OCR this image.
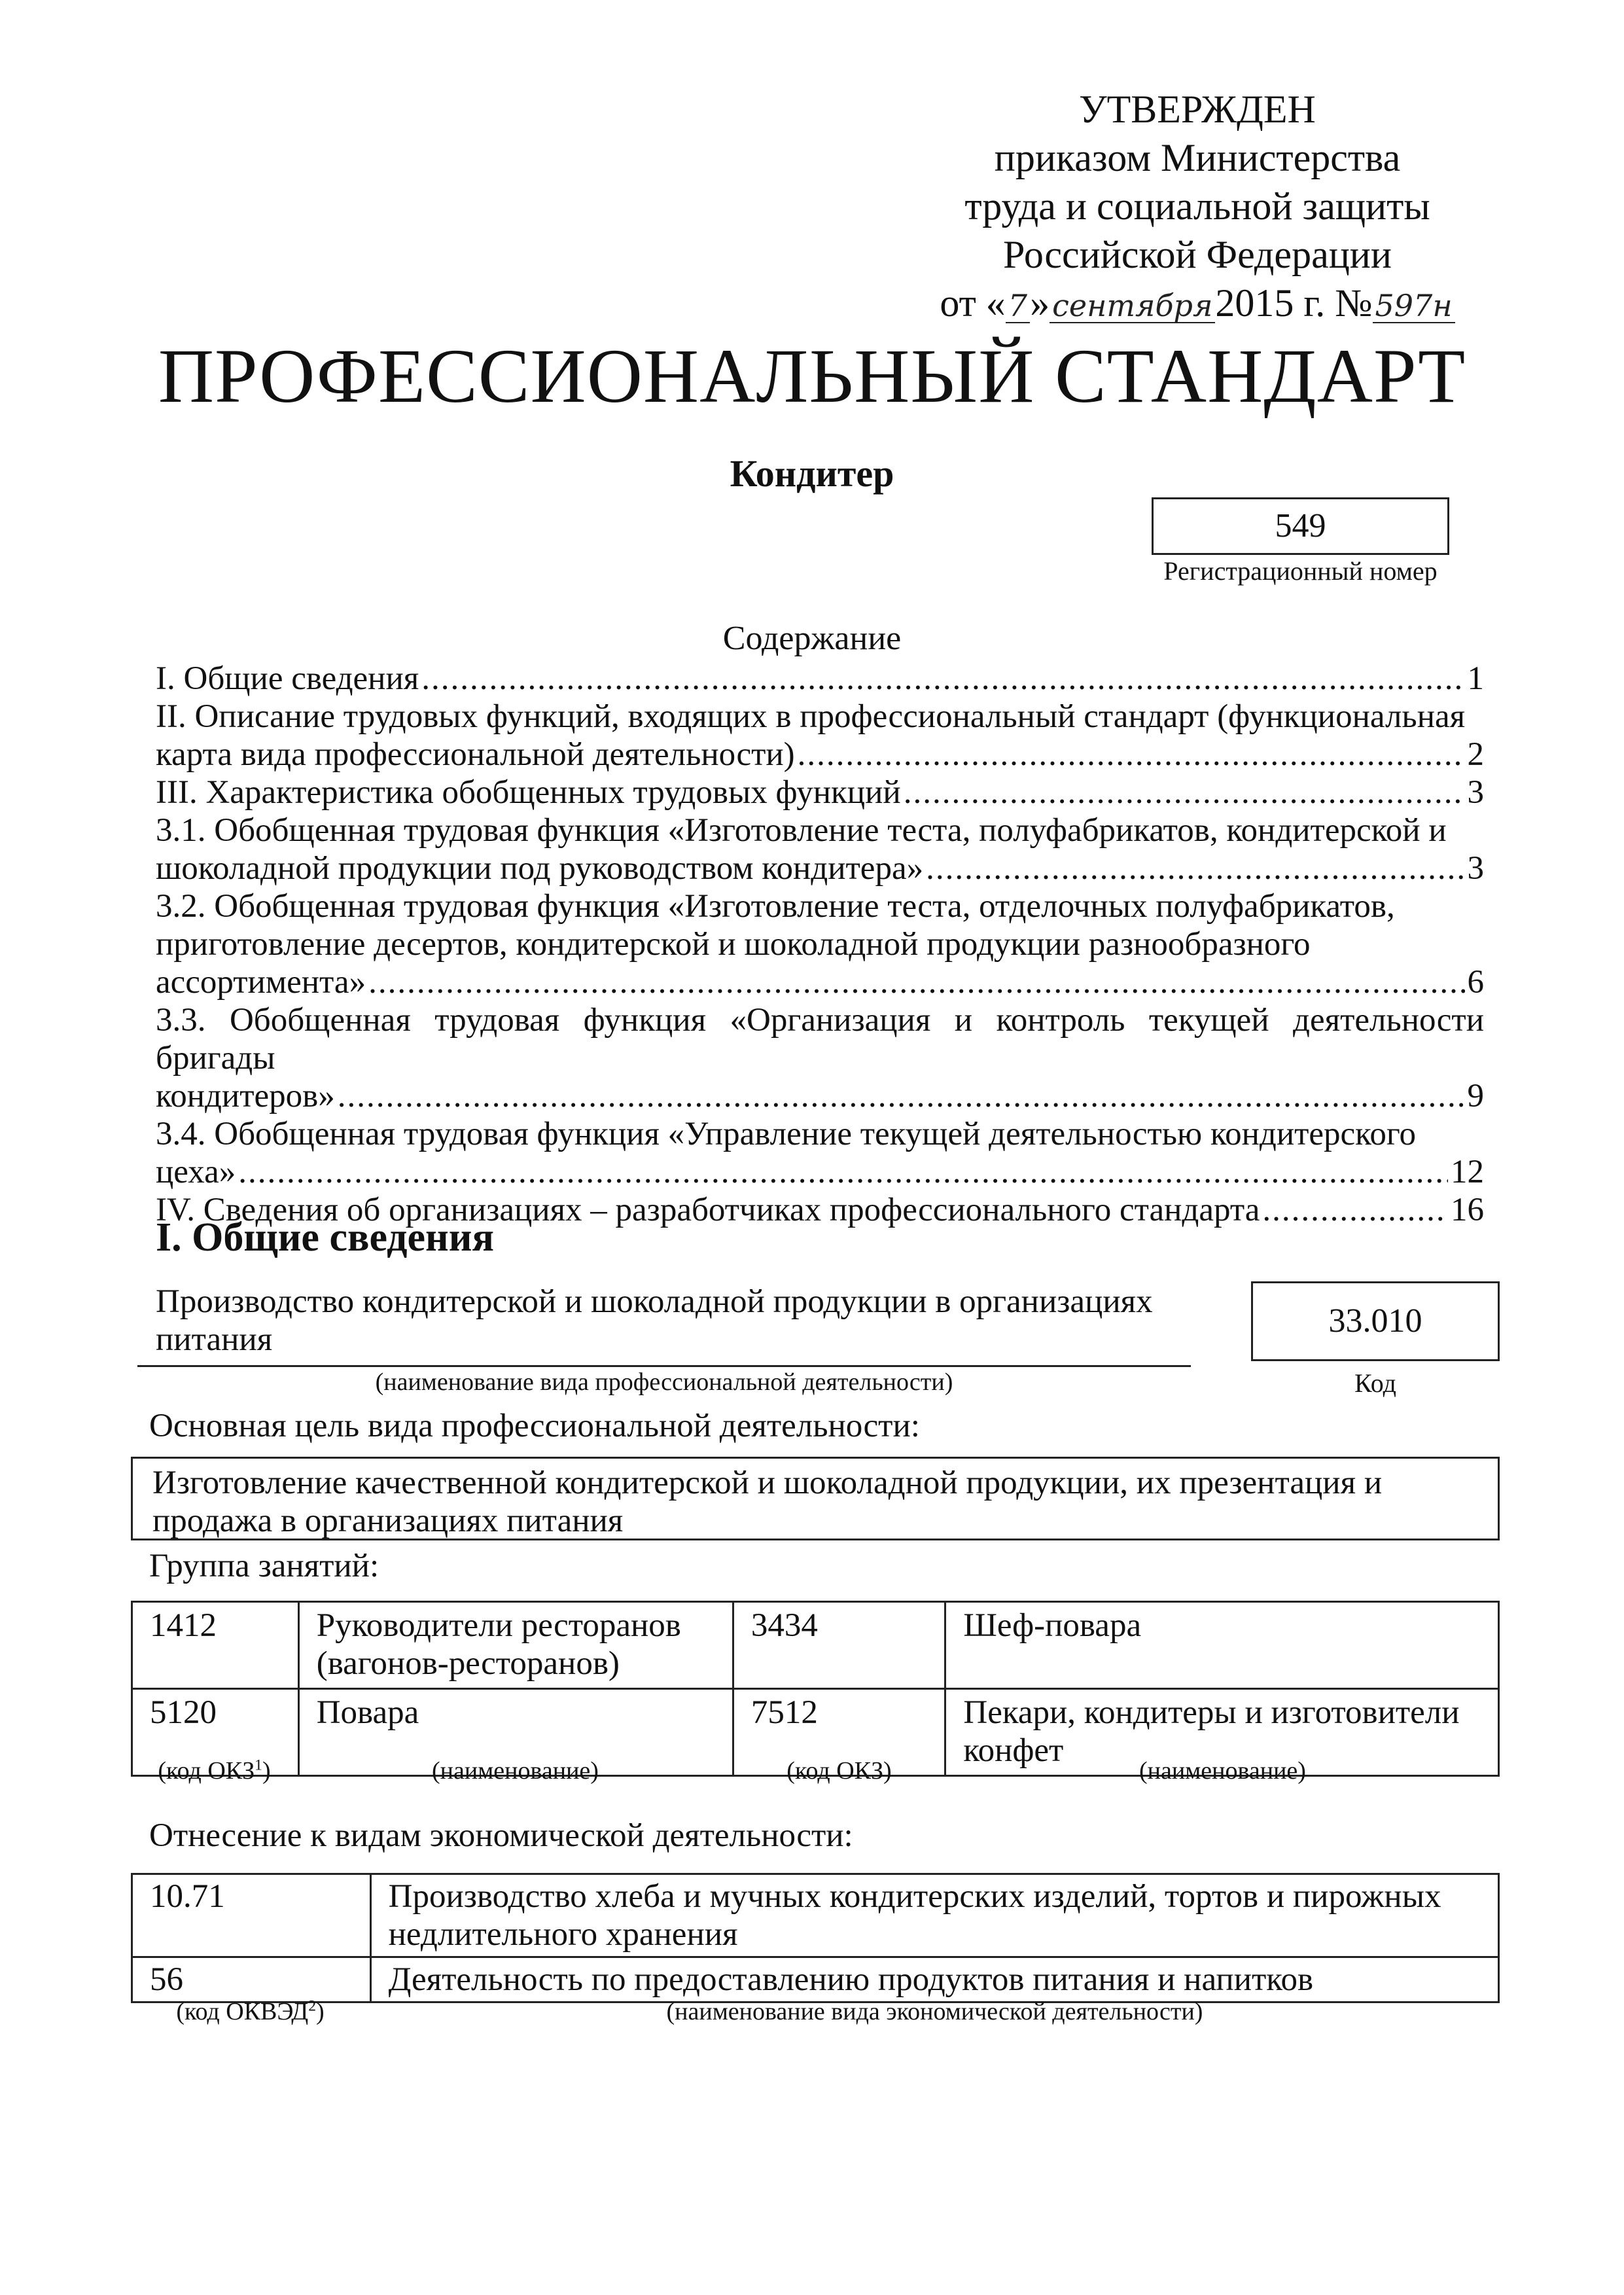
УТВЕРЖДЕН
приказом Министерства
труда и социальной защиты
Российской Федерации
от «7»сентября2015 г. №597н
ПРОФЕССИОНАЛЬНЫЙ СТАНДАРТ
Кондитер
549
Регистрационный номер
Содержание
I. Общие сведения .....	1
II. Описание трудовых функций, входящих в профессиональный стандарт (функциональная
карта вида профессиональной деятельности) .....	2
III. Характеристика обобщенных трудовых функций .....	3
3.1. Обобщенная трудовая функция «Изготовление теста, полуфабрикатов, кондитерской и
шоколадной продукции под руководством кондитера» .....	3
3.2. Обобщенная трудовая функция «Изготовление теста, отделочных полуфабрикатов,
приготовление десертов, кондитерской и шоколадной продукции разнообразного
ассортимента» .....	6
3.3. Обобщенная трудовая функция «Организация и контроль текущей деятельности бригады
кондитеров» .....	9
3.4. Обобщенная трудовая функция «Управление текущей деятельностью кондитерского
цеха» .....	12
IV. Сведения об организациях – разработчиках профессионального стандарта .....	16
I. Общие сведения
Производство кондитерской и шоколадной продукции в организациях питания
(наименование вида профессиональной деятельности)
33.010
Код
Основная цель вида профессиональной деятельности:
Изготовление качественной кондитерской и шоколадной продукции, их презентация и продажа в организациях питания
Группа занятий:
1412	Руководители ресторанов (вагонов-ресторанов)	3434	Шеф-повара
5120	Повара	7512	Пекари, кондитеры и изготовители конфет
(код ОКЗ$^1$)	(наименование)	(код ОКЗ)	(наименование)
Отнесение к видам экономической деятельности:
10.71	Производство хлеба и мучных кондитерских изделий, тортов и пирожных недлительного хранения
56	Деятельность по предоставлению продуктов питания и напитков
(код ОКВЭД$^2$)	(наименование вида экономической деятельности)
